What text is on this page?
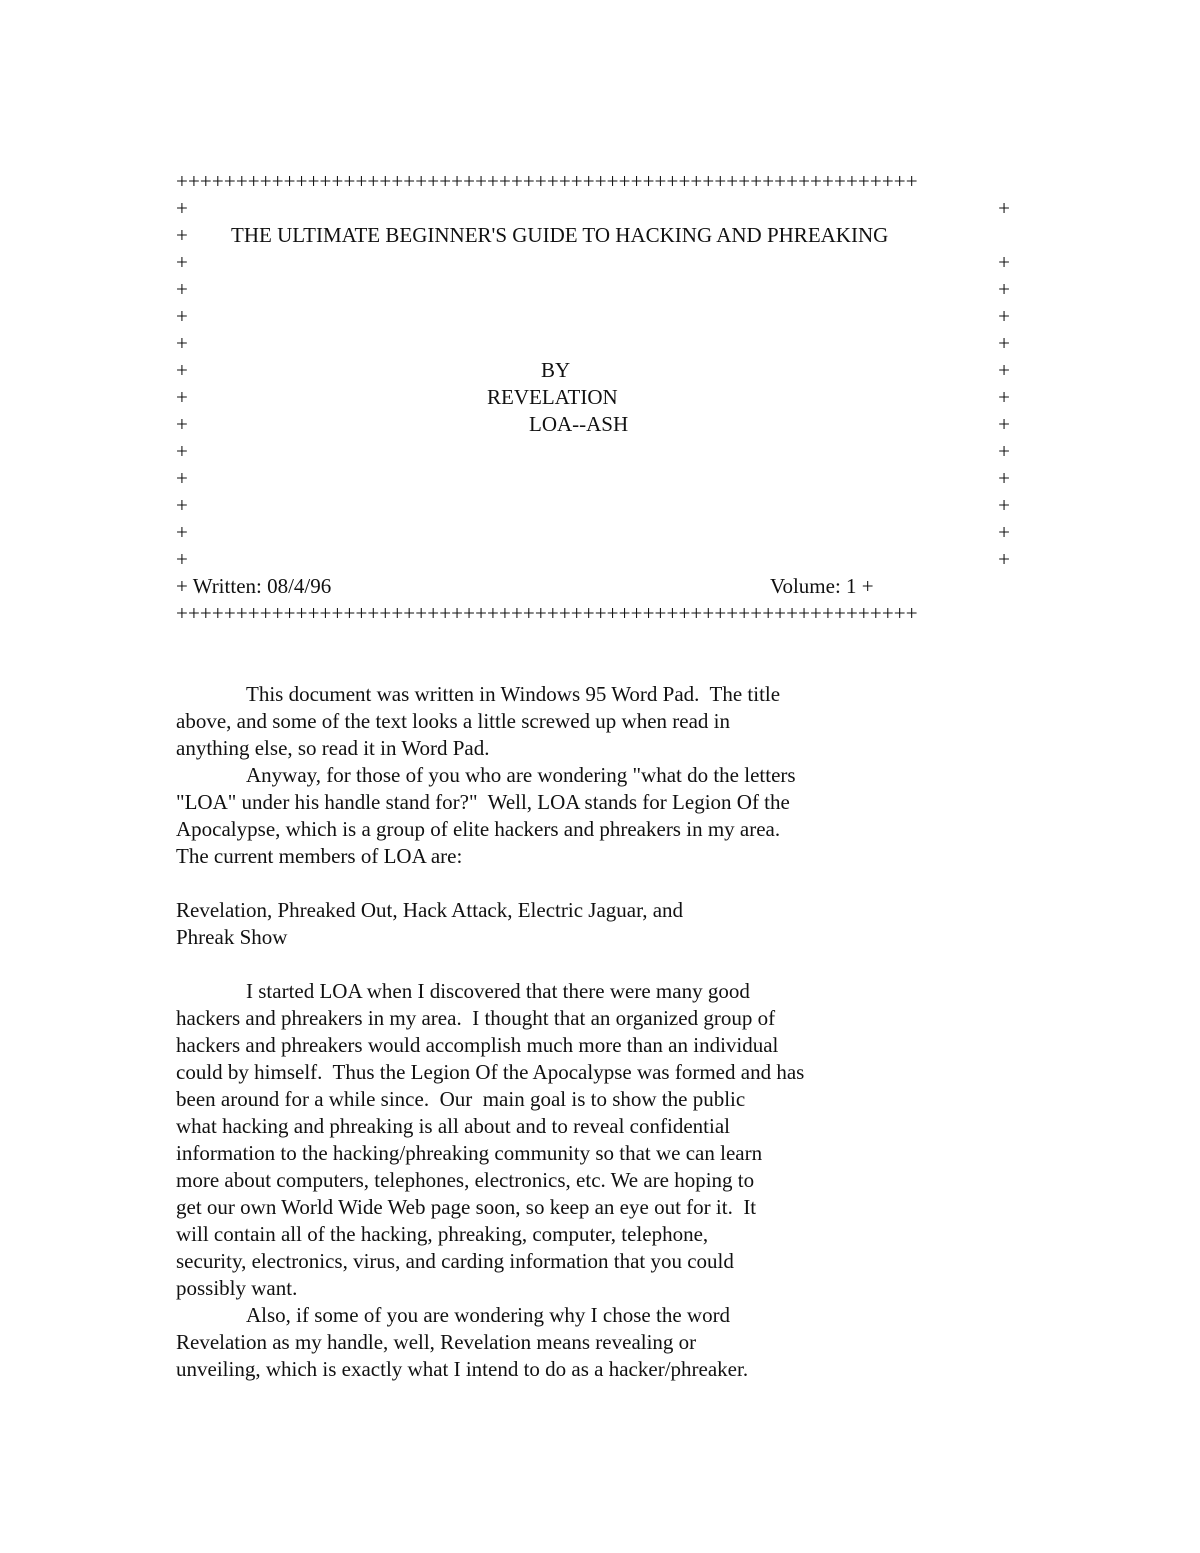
++++++++++++++++++++++++++++++++++++++++++++++++++++++++++++++

+

	+

+

THE ULTIMATE BEGINNER'S GUIDE TO HACKING AND PHREAKING

+

	+

+

	+

+

	+

+

	+

+

	BY

	+

+

	REVELATION

	+

+

	LOA--ASH

	+

+

	+

+

	+

+

	+

+

	+

+

	+

+ Written: 08/4/96

	Volume: 1 +

++++++++++++++++++++++++++++++++++++++++++++++++++++++++++++++
This document was written in Windows 95 Word Pad.  The title
above, and some of the text looks a little screwed up when read in
anything else, so read it in Word Pad.
Anyway, for those of you who are wondering "what do the letters
"LOA" under his handle stand for?"  Well, LOA stands for Legion Of the
Apocalypse, which is a group of elite hackers and phreakers in my area.
The current members of LOA are:
Revelation, Phreaked Out, Hack Attack, Electric Jaguar, and
Phreak Show
I started LOA when I discovered that there were many good
hackers and phreakers in my area.  I thought that an organized group of
hackers and phreakers would accomplish much more than an individual
could by himself.  Thus the Legion Of the Apocalypse was formed and has
been around for a while since.  Our  main goal is to show the public
what hacking and phreaking is all about and to reveal confidential
information to the hacking/phreaking community so that we can learn
more about computers, telephones, electronics, etc. We are hoping to
get our own World Wide Web page soon, so keep an eye out for it.  It
will contain all of the hacking, phreaking, computer, telephone,
security, electronics, virus, and carding information that you could
possibly want.
Also, if some of you are wondering why I chose the word
Revelation as my handle, well, Revelation means revealing or
unveiling, which is exactly what I intend to do as a hacker/phreaker.
